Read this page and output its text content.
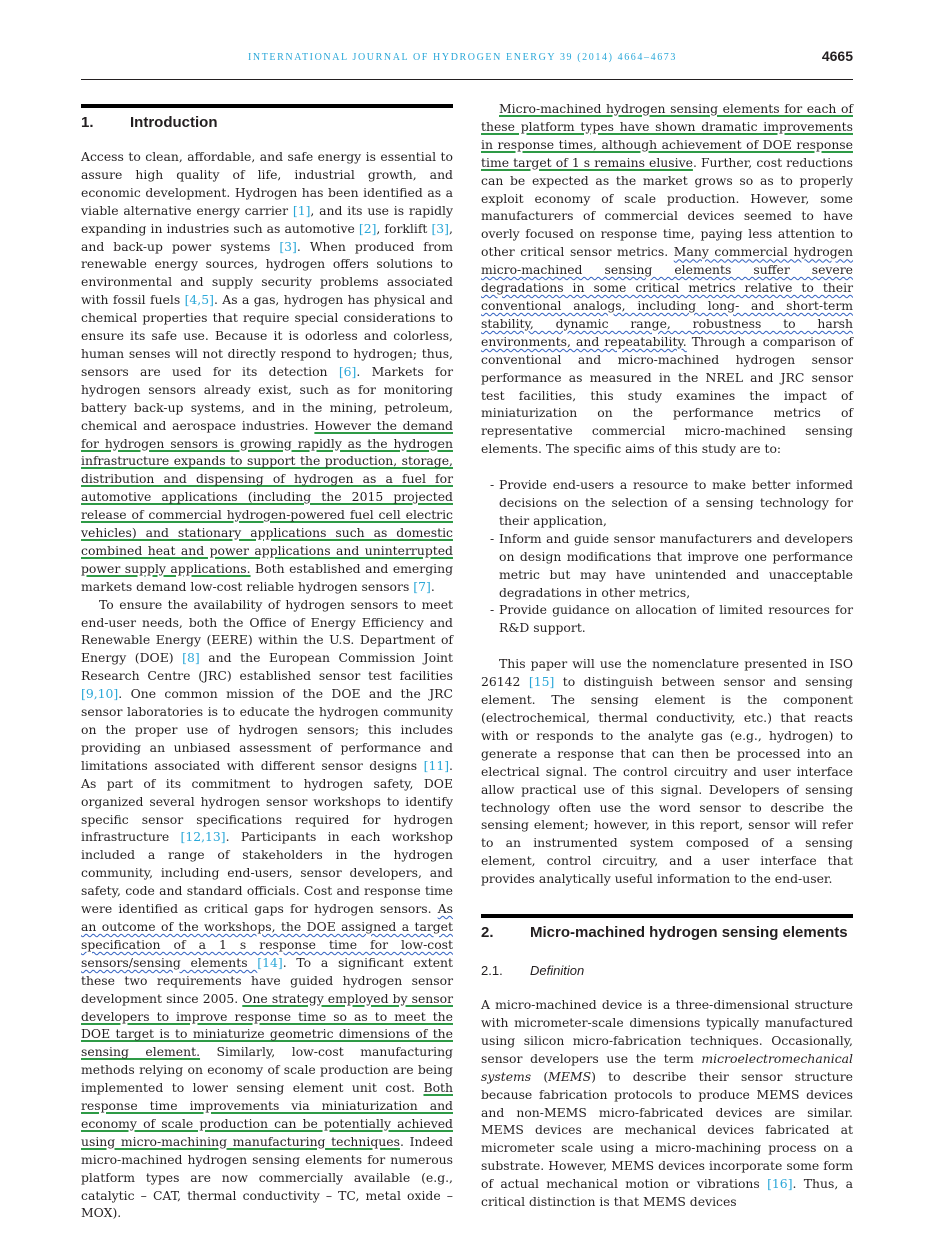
INTERNATIONAL JOURNAL OF HYDROGEN ENERGY 39 (2014) 4664–4673	4665
1. Introduction

Access to clean, affordable, and safe energy is essential to assure high quality of life, industrial growth, and economic development. Hydrogen has been identified as a viable alternative energy carrier [1], and its use is rapidly expanding in industries such as automotive [2], forklift [3], and back-up power systems [3]. When produced from renewable energy sources, hydrogen offers solutions to environmental and supply security problems associated with fossil fuels [4,5]. As a gas, hydrogen has physical and chemical properties that require special considerations to ensure its safe use. Because it is odorless and colorless, human senses will not directly respond to hydrogen; thus, sensors are used for its detection [6]. Markets for hydrogen sensors already exist, such as for monitoring battery back-up systems, and in the mining, petroleum, chemical and aerospace industries. However the demand for hydrogen sensors is growing rapidly as the hydrogen infrastructure expands to support the production, storage, distribution and dispensing of hydrogen as a fuel for automotive applications (including the 2015 projected release of commercial hydrogen-powered fuel cell electric vehicles) and stationary applications such as domestic combined heat and power applications and uninterrupted power supply applications. Both established and emerging markets demand low-cost reliable hydrogen sensors [7].

To ensure the availability of hydrogen sensors to meet end-user needs, both the Office of Energy Efficiency and Renewable Energy (EERE) within the U.S. Department of Energy (DOE) [8] and the European Commission Joint Research Centre (JRC) established sensor test facilities [9,10]. One common mission of the DOE and the JRC sensor laboratories is to educate the hydrogen community on the proper use of hydrogen sensors; this includes providing an unbiased assessment of performance and limitations associated with different sensor designs [11]. As part of its commitment to hydrogen safety, DOE organized several hydrogen sensor workshops to identify specific sensor specifications required for hydrogen infrastructure [12,13]. Participants in each workshop included a range of stakeholders in the hydrogen community, including end-users, sensor developers, and safety, code and standard officials. Cost and response time were identified as critical gaps for hydrogen sensors. As an outcome of the workshops, the DOE assigned a target specification of a 1 s response time for low-cost sensors/sensing elements [14]. To a significant extent these two requirements have guided hydrogen sensor development since 2005. One strategy employed by sensor developers to improve response time so as to meet the DOE target is to miniaturize geometric dimensions of the sensing element. Similarly, low-cost manufacturing methods relying on economy of scale production are being implemented to lower sensing element unit cost. Both response time improvements via miniaturization and economy of scale production can be potentially achieved using micro-machining manufacturing techniques. Indeed micro-machined hydrogen sensing elements for numerous platform types are now commercially available (e.g., catalytic – CAT, thermal conductivity – TC, metal oxide – MOX).

Micro-machined hydrogen sensing elements for each of these platform types have shown dramatic improvements in response times, although achievement of DOE response time target of 1 s remains elusive. Further, cost reductions can be expected as the market grows so as to properly exploit economy of scale production. However, some manufacturers of commercial devices seemed to have overly focused on response time, paying less attention to other critical sensor metrics. Many commercial hydrogen micro-machined sensing elements suffer severe degradations in some critical metrics relative to their conventional analogs, including long- and short-term stability, dynamic range, robustness to harsh environments, and repeatability. Through a comparison of conventional and micro-machined hydrogen sensor performance as measured in the NREL and JRC sensor test facilities, this study examines the impact of miniaturization on the performance metrics of representative commercial micro-machined sensing elements. The specific aims of this study are to:

- Provide end-users a resource to make better informed decisions on the selection of a sensing technology for their application,
- Inform and guide sensor manufacturers and developers on design modifications that improve one performance metric but may have unintended and unacceptable degradations in other metrics,
- Provide guidance on allocation of limited resources for R&D support.

This paper will use the nomenclature presented in ISO 26142 [15] to distinguish between sensor and sensing element. The sensing element is the component (electrochemical, thermal conductivity, etc.) that reacts with or responds to the analyte gas (e.g., hydrogen) to generate a response that can then be processed into an electrical signal. The control circuitry and user interface allow practical use of this signal. Developers of sensing technology often use the word sensor to describe the sensing element; however, in this report, sensor will refer to an instrumented system composed of a sensing element, control circuitry, and a user interface that provides analytically useful information to the end-user.

2. Micro-machined hydrogen sensing elements
2.1. Definition

A micro-machined device is a three-dimensional structure with micrometer-scale dimensions typically manufactured using silicon micro-fabrication techniques. Occasionally, sensor developers use the term microelectromechanical systems (MEMS) to describe their sensor structure because fabrication protocols to produce MEMS devices and non-MEMS micro-fabricated devices are similar. MEMS devices are mechanical devices fabricated at micrometer scale using a micro-machining process on a substrate. However, MEMS devices incorporate some form of actual mechanical motion or vibrations [16]. Thus, a critical distinction is that MEMS devices
